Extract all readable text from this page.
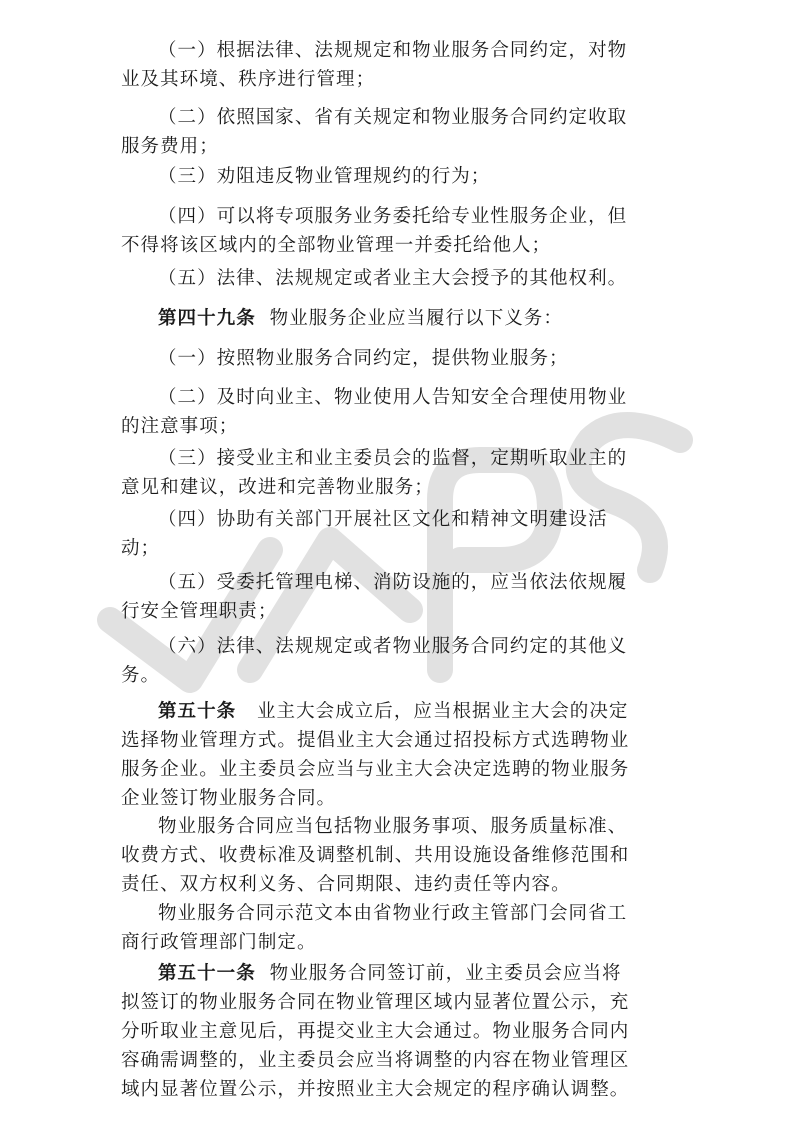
（一）根据法律、法规规定和物业服务合同约定，对物
业及其环境、秩序进行管理；

（二）依照国家、省有关规定和物业服务合同约定收取
服务费用；

（三）劝阻违反物业管理规约的行为；

（四）可以将专项服务业务委托给专业性服务企业，但
不得将该区域内的全部物业管理一并委托给他人；

（五）法律、法规规定或者业主大会授予的其他权利。

第四十九条 物业服务企业应当履行以下义务：

（一）按照物业服务合同约定，提供物业服务；

（二）及时向业主、物业使用人告知安全合理使用物业
的注意事项；

（三）接受业主和业主委员会的监督，定期听取业主的
意见和建议，改进和完善物业服务；

（四）协助有关部门开展社区文化和精神文明建设活
动；

（五）受委托管理电梯、消防设施的，应当依法依规履
行安全管理职责；

（六）法律、法规规定或者物业服务合同约定的其他义
务。

第五十条 业主大会成立后，应当根据业主大会的决定
选择物业管理方式。提倡业主大会通过招投标方式选聘物业
服务企业。业主委员会应当与业主大会决定选聘的物业服务
企业签订物业服务合同。

物业服务合同应当包括物业服务事项、服务质量标准、
收费方式、收费标准及调整机制、共用设施设备维修范围和
责任、双方权利义务、合同期限、违约责任等内容。

物业服务合同示范文本由省物业行政主管部门会同省工
商行政管理部门制定。

第五十一条 物业服务合同签订前，业主委员会应当将
拟签订的物业服务合同在物业管理区域内显著位置公示，充
分听取业主意见后，再提交业主大会通过。物业服务合同内
容确需调整的，业主委员会应当将调整的内容在物业管理区
域内显著位置公示，并按照业主大会规定的程序确认调整。
